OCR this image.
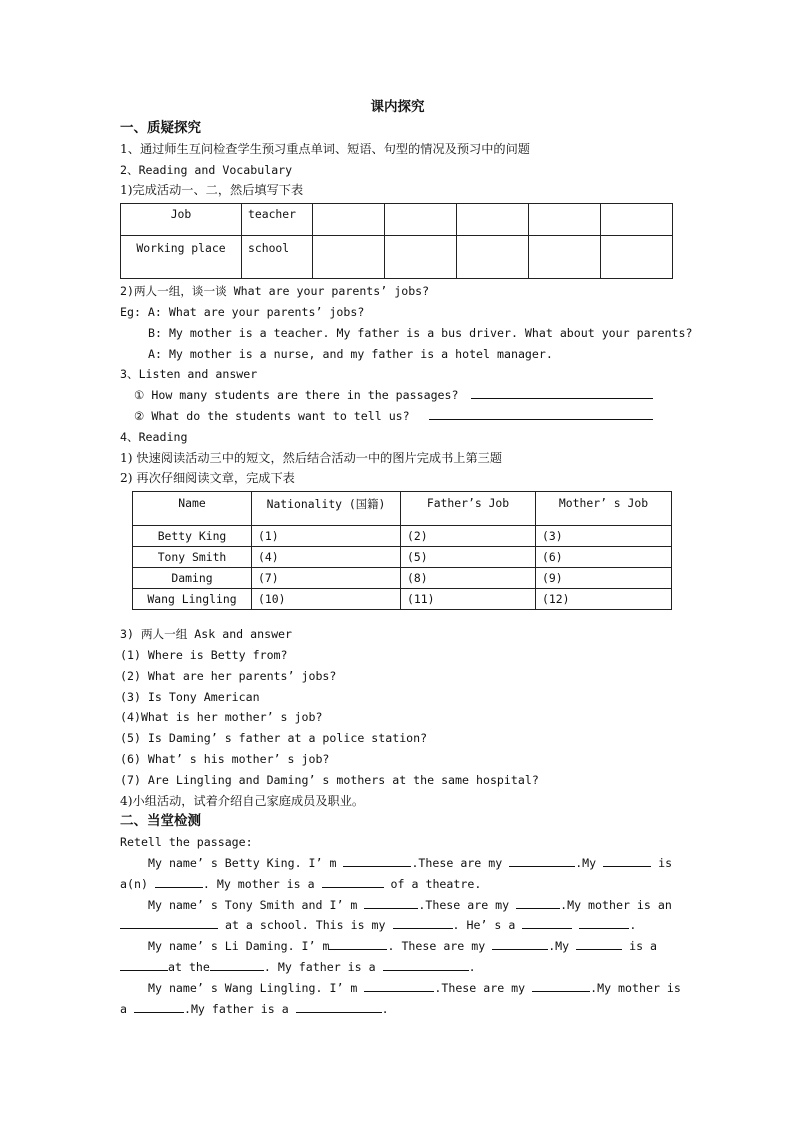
课内探究
一、质疑探究
1、通过师生互问检查学生预习重点单词、短语、句型的情况及预习中的问题
2、Reading and Vocabulary
1)完成活动一、二，然后填写下表
Job	teacher					
Working place	school					
2)两人一组，谈一谈 What are your parents’ jobs?
Eg: A: What are your parents’ jobs?
B: My mother is a teacher. My father is a bus driver. What about your parents?
A: My mother is a nurse, and my father is a hotel manager.
3、Listen and answer
① How many students are there in the passages?
② What do the students want to tell us?
4、Reading
1) 快速阅读活动三中的短文，然后结合活动一中的图片完成书上第三题
2) 再次仔细阅读文章，完成下表
Name	Nationality (国籍)	Father’s Job	Mother’ s Job
Betty King	(1)	(2)	(3)
Tony Smith	(4)	(5)	(6)
Daming	(7)	(8)	(9)
Wang Lingling	(10)	(11)	(12)
3) 两人一组 Ask and answer
(1) Where is Betty from?
(2) What are her parents’ jobs?
(3) Is Tony American
(4)What is her mother’ s job?
(5) Is Daming’ s father at a police station?
(6) What’ s his mother’ s job?
(7) Are Lingling and Daming’ s mothers at the same hospital?
4)小组活动，试着介绍自己家庭成员及职业。
二、当堂检测
Retell the passage:
My name’ s Betty King. I’ m	.These are my	.My	is
a(n)	. My mother is a	of a theatre.
My name’ s Tony Smith and I’ m	.These are my	.My mother is an
at a school. This is my	. He’ s a	.
My name’ s Li Daming. I’ m	. These are my	.My	is a
at the	. My father is a	.
My name’ s Wang Lingling. I’ m	.These are my	.My mother is
a	.My father is a	.
